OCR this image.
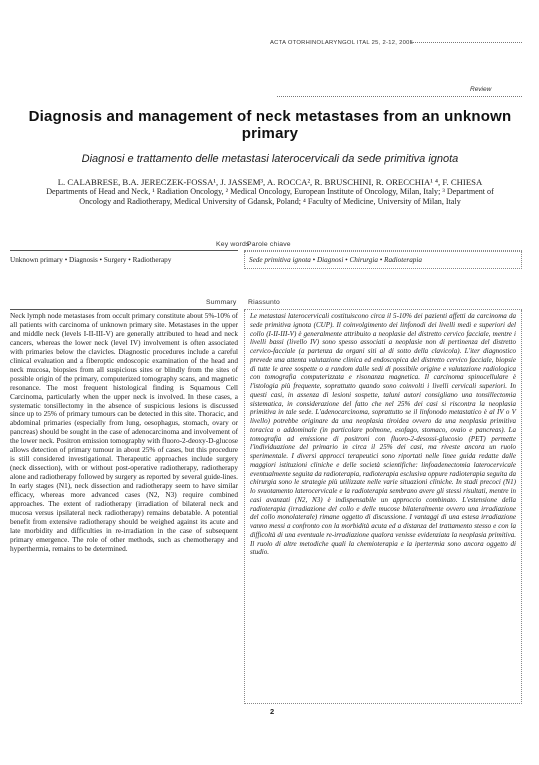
ACTA OTORHINOLARYNGOL ITAL 25, 2-12, 2005
Review
Diagnosis and management of neck metastases from an unknown primary
Diagnosi e trattamento delle metastasi laterocervicali da sede primitiva ignota
L. CALABRESE, B.A. JERECZEK-FOSSA¹, J. JASSEM³, A. ROCCA², R. BRUSCHINI, R. ORECCHIA¹ ⁴, F. CHIESA
Departments of Head and Neck, ¹ Radiation Oncology, ² Medical Oncology, European Institute of Oncology, Milan, Italy; ³ Department of Oncology and Radiotherapy, Medical University of Gdansk, Poland; ⁴ Faculty of Medicine, University of Milan, Italy
Key words
Parole chiave
Unknown primary • Diagnosis • Surgery • Radiotherapy	Sede primitiva ignota • Diagnosi • Chirurgia • Radioterapia
Summary Riassunto
Neck lymph node metastases from occult primary constitute about 5%-10% of all patients with carcinoma of unknown primary site. Metastases in the upper and middle neck (levels I-II-III-V) are generally attributed to head and neck cancers, whereas the lower neck (level IV) involvement is often associated with primaries below the clavicles. Diagnostic procedures include a careful clinical evaluation and a fiberoptic endoscopic examination of the head and neck mucosa, biopsies from all suspicious sites or blindly from the sites of possible origin of the primary, computerized tomography scans, and magnetic resonance. The most frequent histological finding is Squamous Cell Carcinoma, particularly when the upper neck is involved. In these cases, a systematic tonsillectomy in the absence of suspicious lesions is discussed since up to 25% of primary tumours can be detected in this site. Thoracic, and abdominal primaries (especially from lung, oesophagus, stomach, ovary or pancreas) should be sought in the case of adenocarcinoma and involvement of the lower neck. Positron emission tomography with fluoro-2-deoxy-D-glucose allows detection of primary tumour in about 25% of cases, but this procedure is still considered investigational. Therapeutic approaches include surgery (neck dissection), with or without post-operative radiotherapy, radiotherapy alone and radiotherapy followed by surgery as reported by several guide-lines. In early stages (N1), neck dissection and radiotherapy seem to have similar efficacy, whereas more advanced cases (N2, N3) require combined approaches. The extent of radiotherapy (irradiation of bilateral neck and mucosa versus ipsilateral neck radiotherapy) remains debatable. A potential benefit from extensive radiotherapy should be weighed against its acute and late morbidity and difficulties in re-irradiation in the case of subsequent primary emergence. The role of other methods, such as chemotherapy and hyperthermia, remains to be determined.
Le metastasi laterocervicali costituiscono circa il 5-10% dei pazienti affetti da carcinoma da sede primitiva ignota (CUP). Il coinvolgimento dei linfonodi dei livelli medi e superiori del collo (I-II-III-V) è generalmente attribuito a neoplasie del distretto cervico facciale, mentre i livelli bassi (livello IV) sono spesso associati a neoplasie non di pertinenza del distretto cervico-facciale (a partenza da organi siti al di sotto della clavicola). L'iter diagnostico prevede una attenta valutazione clinica ed endoscopica del distretto cervico facciale, biopsie di tutte le aree sospette o a random dalle sedi di possibile origine e valutazione radiologica con tomografia computerizzata e risonanza magnetica. Il carcinoma spinocellulare è l'istologia più frequente, soprattutto quando sono coinvolti i livelli cervicali superiori. In questi casi, in assenza di lesioni sospette, taluni autori consigliano una tonsillectomia sistematica, in considerazione del fatto che nel 25% dei casi si riscontra la neoplasia primitiva in tale sede. L'adenocarcinoma, soprattutto se il linfonodo metastatico è al IV o V livello) potrebbe originare da una neoplasia tiroidea ovvero da una neoplasia primitiva toracica o addominale (in particolare polmone, esofago, stomaco, ovaio e pancreas). La tomografia ad emissione di positroni con fluoro-2-desossi-glucosio (PET) permette l'individuazione del primario in circa il 25% dei casi, ma riveste ancora un ruolo sperimentale. I diversi approcci terapeutici sono riportati nelle linee guida redatte dalle maggiori istituzioni cliniche e delle società scientifiche: linfoadenectomia laterocervicale eventualmente seguita da radioterapia, radioterapia esclusiva oppure radioterapia seguita da chirurgia sono le strategie più utilizzate nelle varie situazioni cliniche. In stadi precoci (N1) lo svuotamento laterocervicale e la radioterapia sembrano avere gli stessi risultati, mentre in casi avanzati (N2, N3) è indispensabile un approccio combinato. L'estensione della radioterapia (irradiazione del collo e delle mucose bilateralmente ovvero una irradiazione del collo monolaterale) rimane oggetto di discussione. I vantaggi di una estesa irradiazione vanno messi a confronto con la morbidità acuta ed a distanza del trattamento stesso e con la difficoltà di una eventuale re-irradiazione qualora venisse evidenziata la neoplasia primitiva. Il ruolo di altre metodiche quali la chemioterapia e la ipertermia sono ancora oggetto di studio.
2
